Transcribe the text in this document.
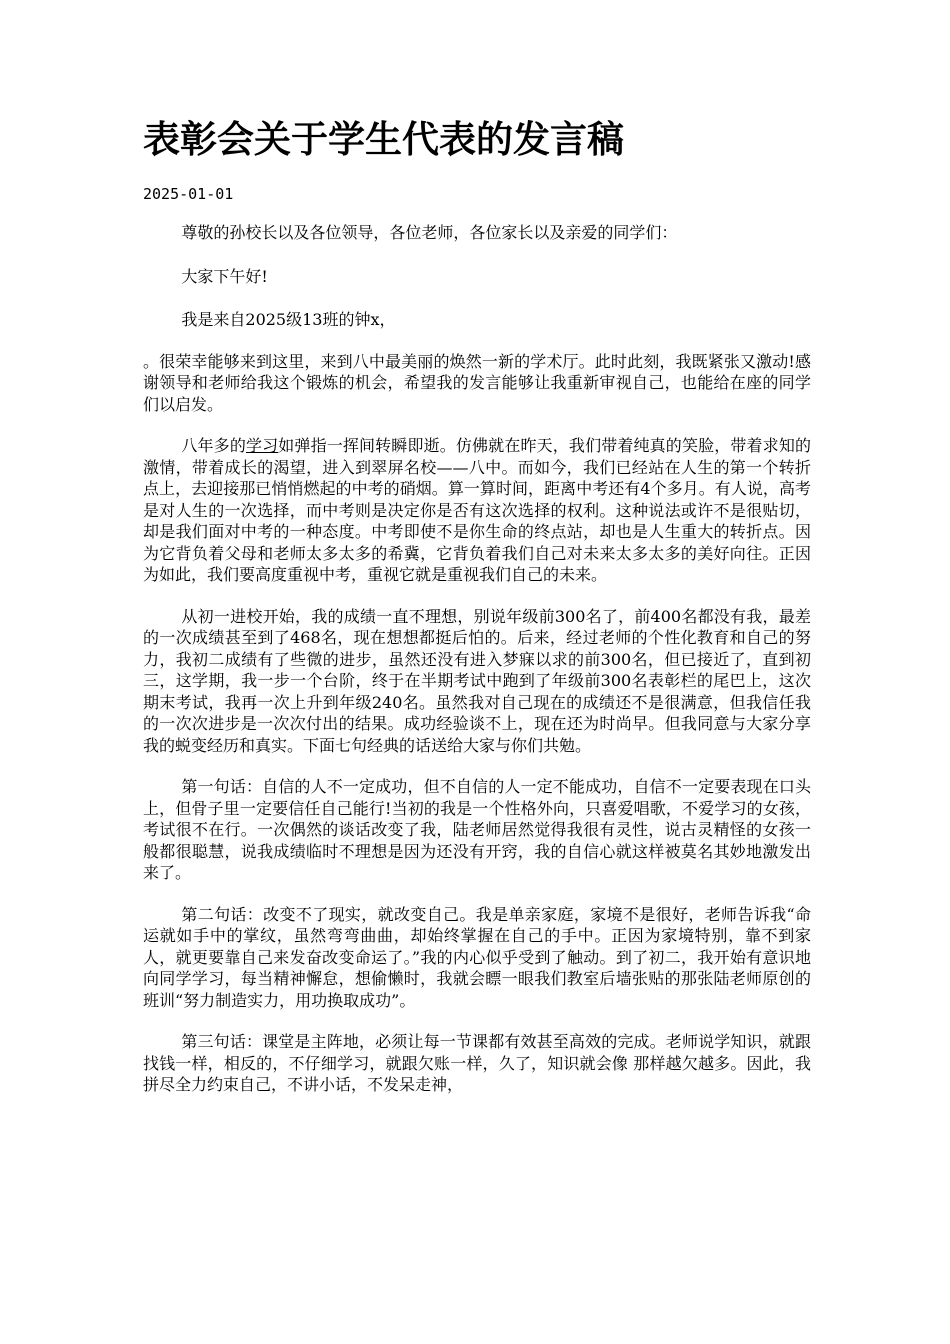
表彰会关于学生代表的发言稿
2025-01-01

尊敬的孙校长以及各位领导，各位老师，各位家长以及亲爱的同学们：

大家下午好!

我是来自2025级13班的钟x，

。很荣幸能够来到这里，来到八中最美丽的焕然一新的学术厅。此时此刻，我既紧张又激动!感谢领导和老师给我这个锻炼的机会，希望我的发言能够让我重新审视自己，也能给在座的同学们以启发。

八年多的学习如弹指一挥间转瞬即逝。仿佛就在昨天，我们带着纯真的笑脸，带着求知的激情，带着成长的渴望，进入到翠屏名校——八中。而如今，我们已经站在人生的第一个转折点上，去迎接那已悄悄燃起的中考的硝烟。算一算时间，距离中考还有4个多月。有人说，高考是对人生的一次选择，而中考则是决定你是否有这次选择的权利。这种说法或许不是很贴切，却是我们面对中考的一种态度。中考即使不是你生命的终点站，却也是人生重大的转折点。因为它背负着父母和老师太多太多的希冀，它背负着我们自己对未来太多太多的美好向往。正因为如此，我们要高度重视中考，重视它就是重视我们自己的未来。

从初一进校开始，我的成绩一直不理想，别说年级前300名了，前400名都没有我，最差的一次成绩甚至到了468名，现在想想都挺后怕的。后来，经过老师的个性化教育和自己的努力，我初二成绩有了些微的进步，虽然还没有进入梦寐以求的前300名，但已接近了，直到初三，这学期，我一步一个台阶，终于在半期考试中跑到了年级前300名表彰栏的尾巴上，这次期末考试，我再一次上升到年级240名。虽然我对自己现在的成绩还不是很满意，但我信任我的一次次进步是一次次付出的结果。成功经验谈不上，现在还为时尚早。但我同意与大家分享我的蜕变经历和真实。下面七句经典的话送给大家与你们共勉。

第一句话：自信的人不一定成功，但不自信的人一定不能成功，自信不一定要表现在口头上，但骨子里一定要信任自己能行!当初的我是一个性格外向，只喜爱唱歌，不爱学习的女孩，考试很不在行。一次偶然的谈话改变了我，陆老师居然觉得我很有灵性，说古灵精怪的女孩一般都很聪慧，说我成绩临时不理想是因为还没有开窍，我的自信心就这样被莫名其妙地激发出来了。

第二句话：改变不了现实，就改变自己。我是单亲家庭，家境不是很好，老师告诉我“命运就如手中的掌纹，虽然弯弯曲曲，却始终掌握在自己的手中。正因为家境特别，靠不到家人，就更要靠自己来发奋改变命运了。”我的内心似乎受到了触动。到了初二，我开始有意识地向同学学习，每当精神懈怠，想偷懒时，我就会瞟一眼我们教室后墙张贴的那张陆老师原创的班训“努力制造实力，用功换取成功”。

第三句话：课堂是主阵地，必须让每一节课都有效甚至高效的完成。老师说学知识，就跟找钱一样，相反的，不仔细学习，就跟欠账一样，久了，知识就会像 那样越欠越多。因此，我拼尽全力约束自己，不讲小话，不发呆走神，
